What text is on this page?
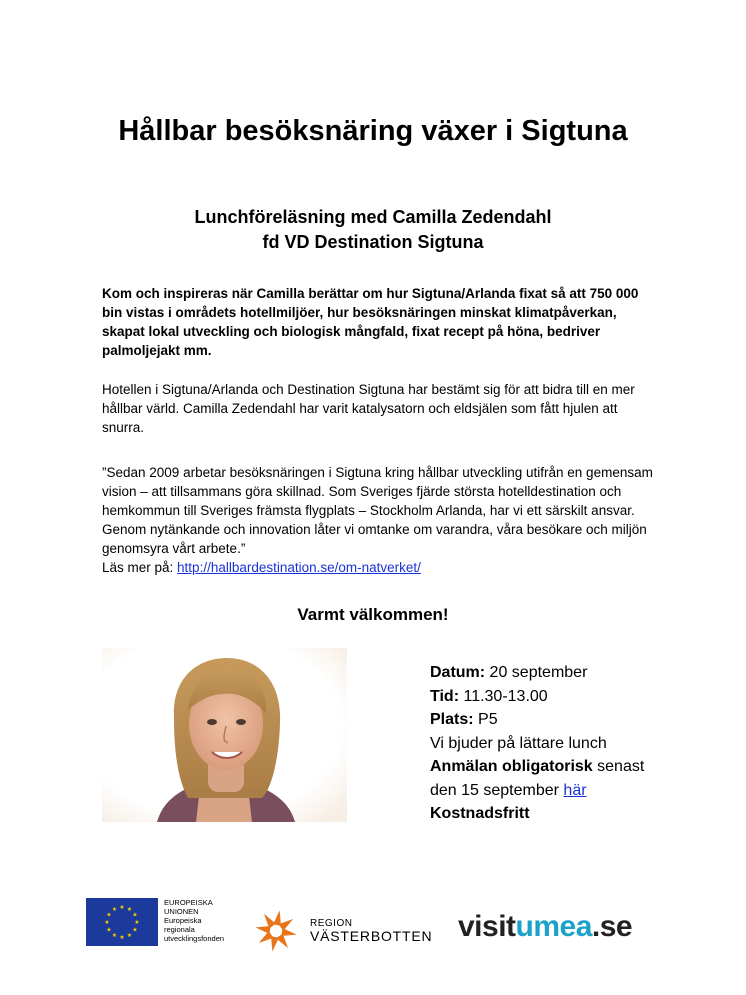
Hållbar besöksnäring växer i Sigtuna
Lunchföreläsning med Camilla Zedendahl
fd VD Destination Sigtuna

Kom och inspireras när Camilla berättar om hur Sigtuna/Arlanda fixat så att 750 000 bin vistas i områdets hotellmiljöer, hur besöksnäringen minskat klimatpåverkan, skapat lokal utveckling och biologisk mångfald, fixat recept på höna, bedriver palmoljejakt mm.

Hotellen i Sigtuna/Arlanda och Destination Sigtuna har bestämt sig för att bidra till en mer hållbar värld. Camilla Zedendahl har varit katalysatorn och eldsjälen som fått hjulen att snurra.

”Sedan 2009 arbetar besöksnäringen i Sigtuna kring hållbar utveckling utifrån en gemensam vision – att tillsammans göra skillnad. Som Sveriges fjärde största hotelldestination och hemkommun till Sveriges främsta flygplats – Stockholm Arlanda, har vi ett särskilt ansvar. Genom nytänkande och innovation låter vi omtanke om varandra, våra besökare och miljön genomsyra vårt arbete.”
Läs mer på: http://hallbardestination.se/om-natverket/

Varmt välkommen!
Datum: 20 september
Tid: 11.30-13.00
Plats: P5
Vi bjuder på lättare lunch
Anmälan obligatorisk senast
den 15 september här
Kostnadsfritt
★
★
★
★
★
★
★
★
★ ★ ★
★
EUROPEISKA
UNIONEN
Europeiska
regionala
utvecklingsfonden
REGION
VÄSTERBOTTEN visitumea.se
